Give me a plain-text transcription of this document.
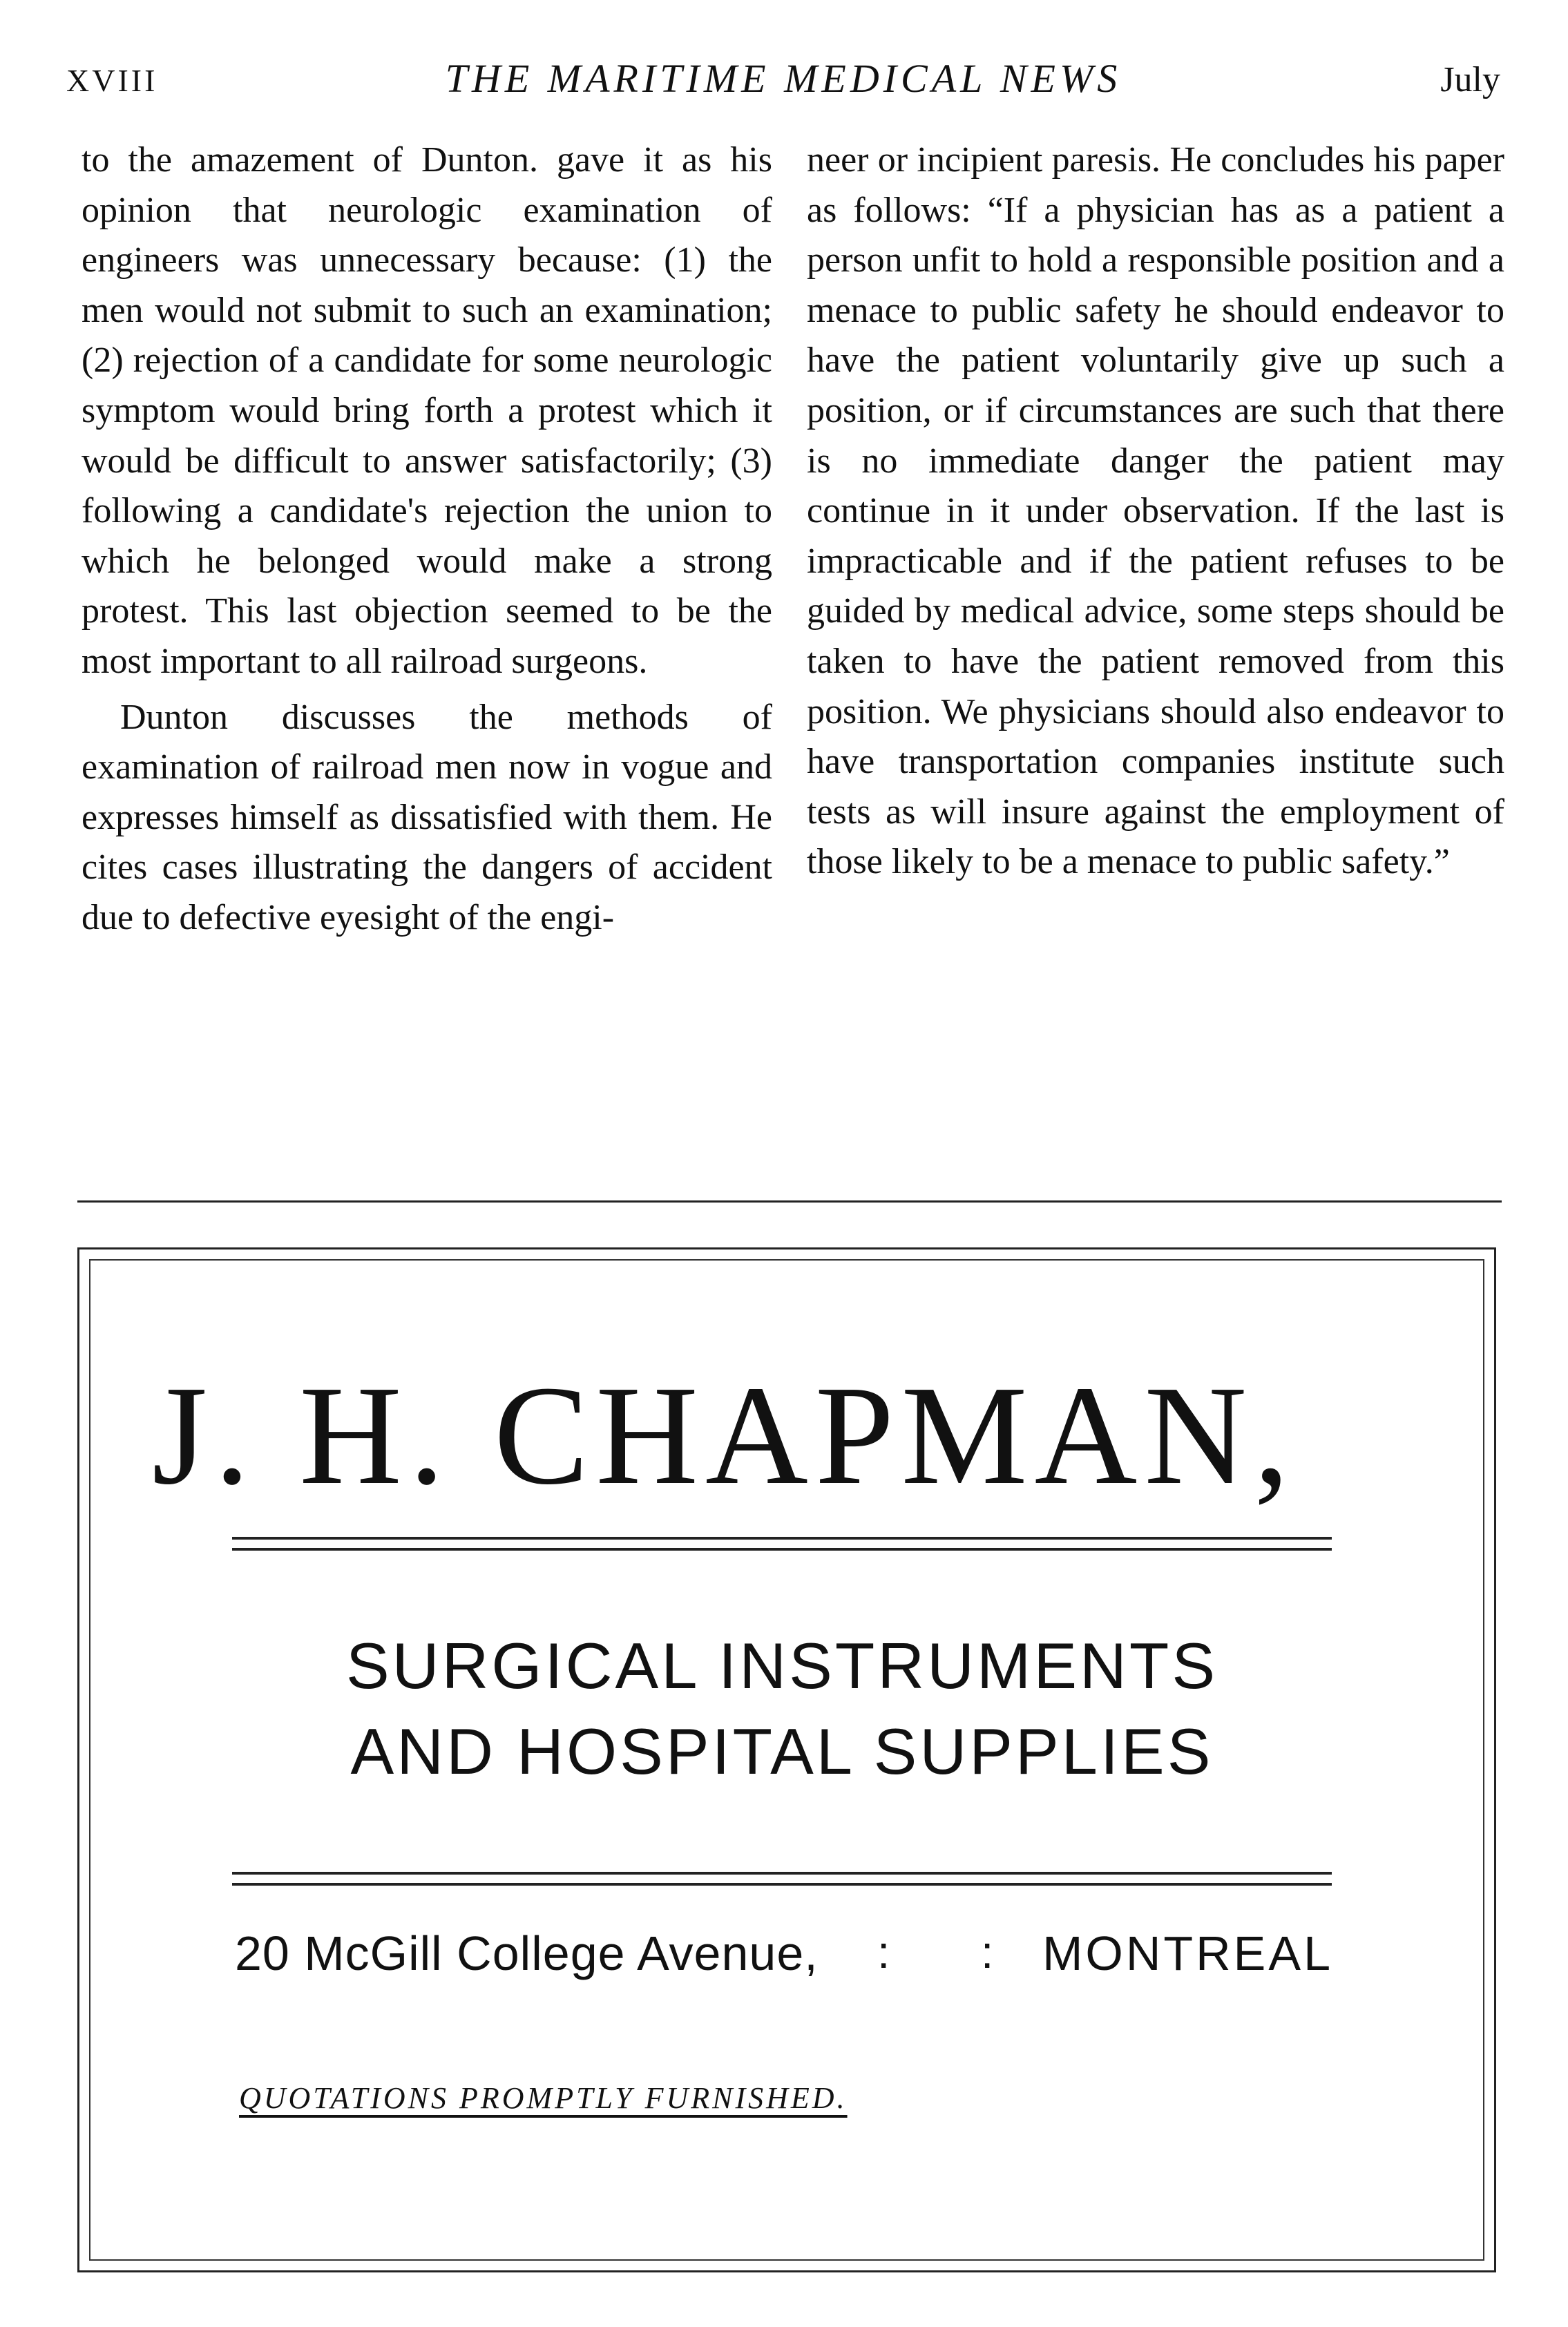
XVIII	THE MARITIME MEDICAL NEWS	July

to the amazement of Dunton. gave it as his opinion that neurologic examination of engineers was unnecessary because: (1) the men would not submit to such an examination; (2) rejection of a candidate for some neurologic symptom would bring forth a protest which it would be difficult to answer satisfactorily; (3) following a candidate's rejection the union to which he belonged would make a strong protest. This last objection seemed to be the most important to all railroad surgeons.

Dunton discusses the methods of examination of railroad men now in vogue and expresses himself as dissatisfied with them. He cites cases illustrating the dangers of accident due to defective eyesight of the engi-

neer or incipient paresis. He concludes his paper as follows: “If a physician has as a patient a person unfit to hold a responsible position and a menace to public safety he should endeavor to have the patient voluntarily give up such a position, or if circumstances are such that there is no immediate danger the patient may continue in it under observation. If the last is impracticable and if the patient refuses to be guided by medical advice, some steps should be taken to have the patient removed from this position. We physicians should also endeavor to have transportation companies institute such tests as will insure against the employment of those likely to be a menace to public safety.”

J. H. CHAPMAN,
SURGICAL INSTRUMENTS
AND HOSPITAL SUPPLIES
20 McGill College Avenue, : : MONTREAL
QUOTATIONS PROMPTLY FURNISHED.
